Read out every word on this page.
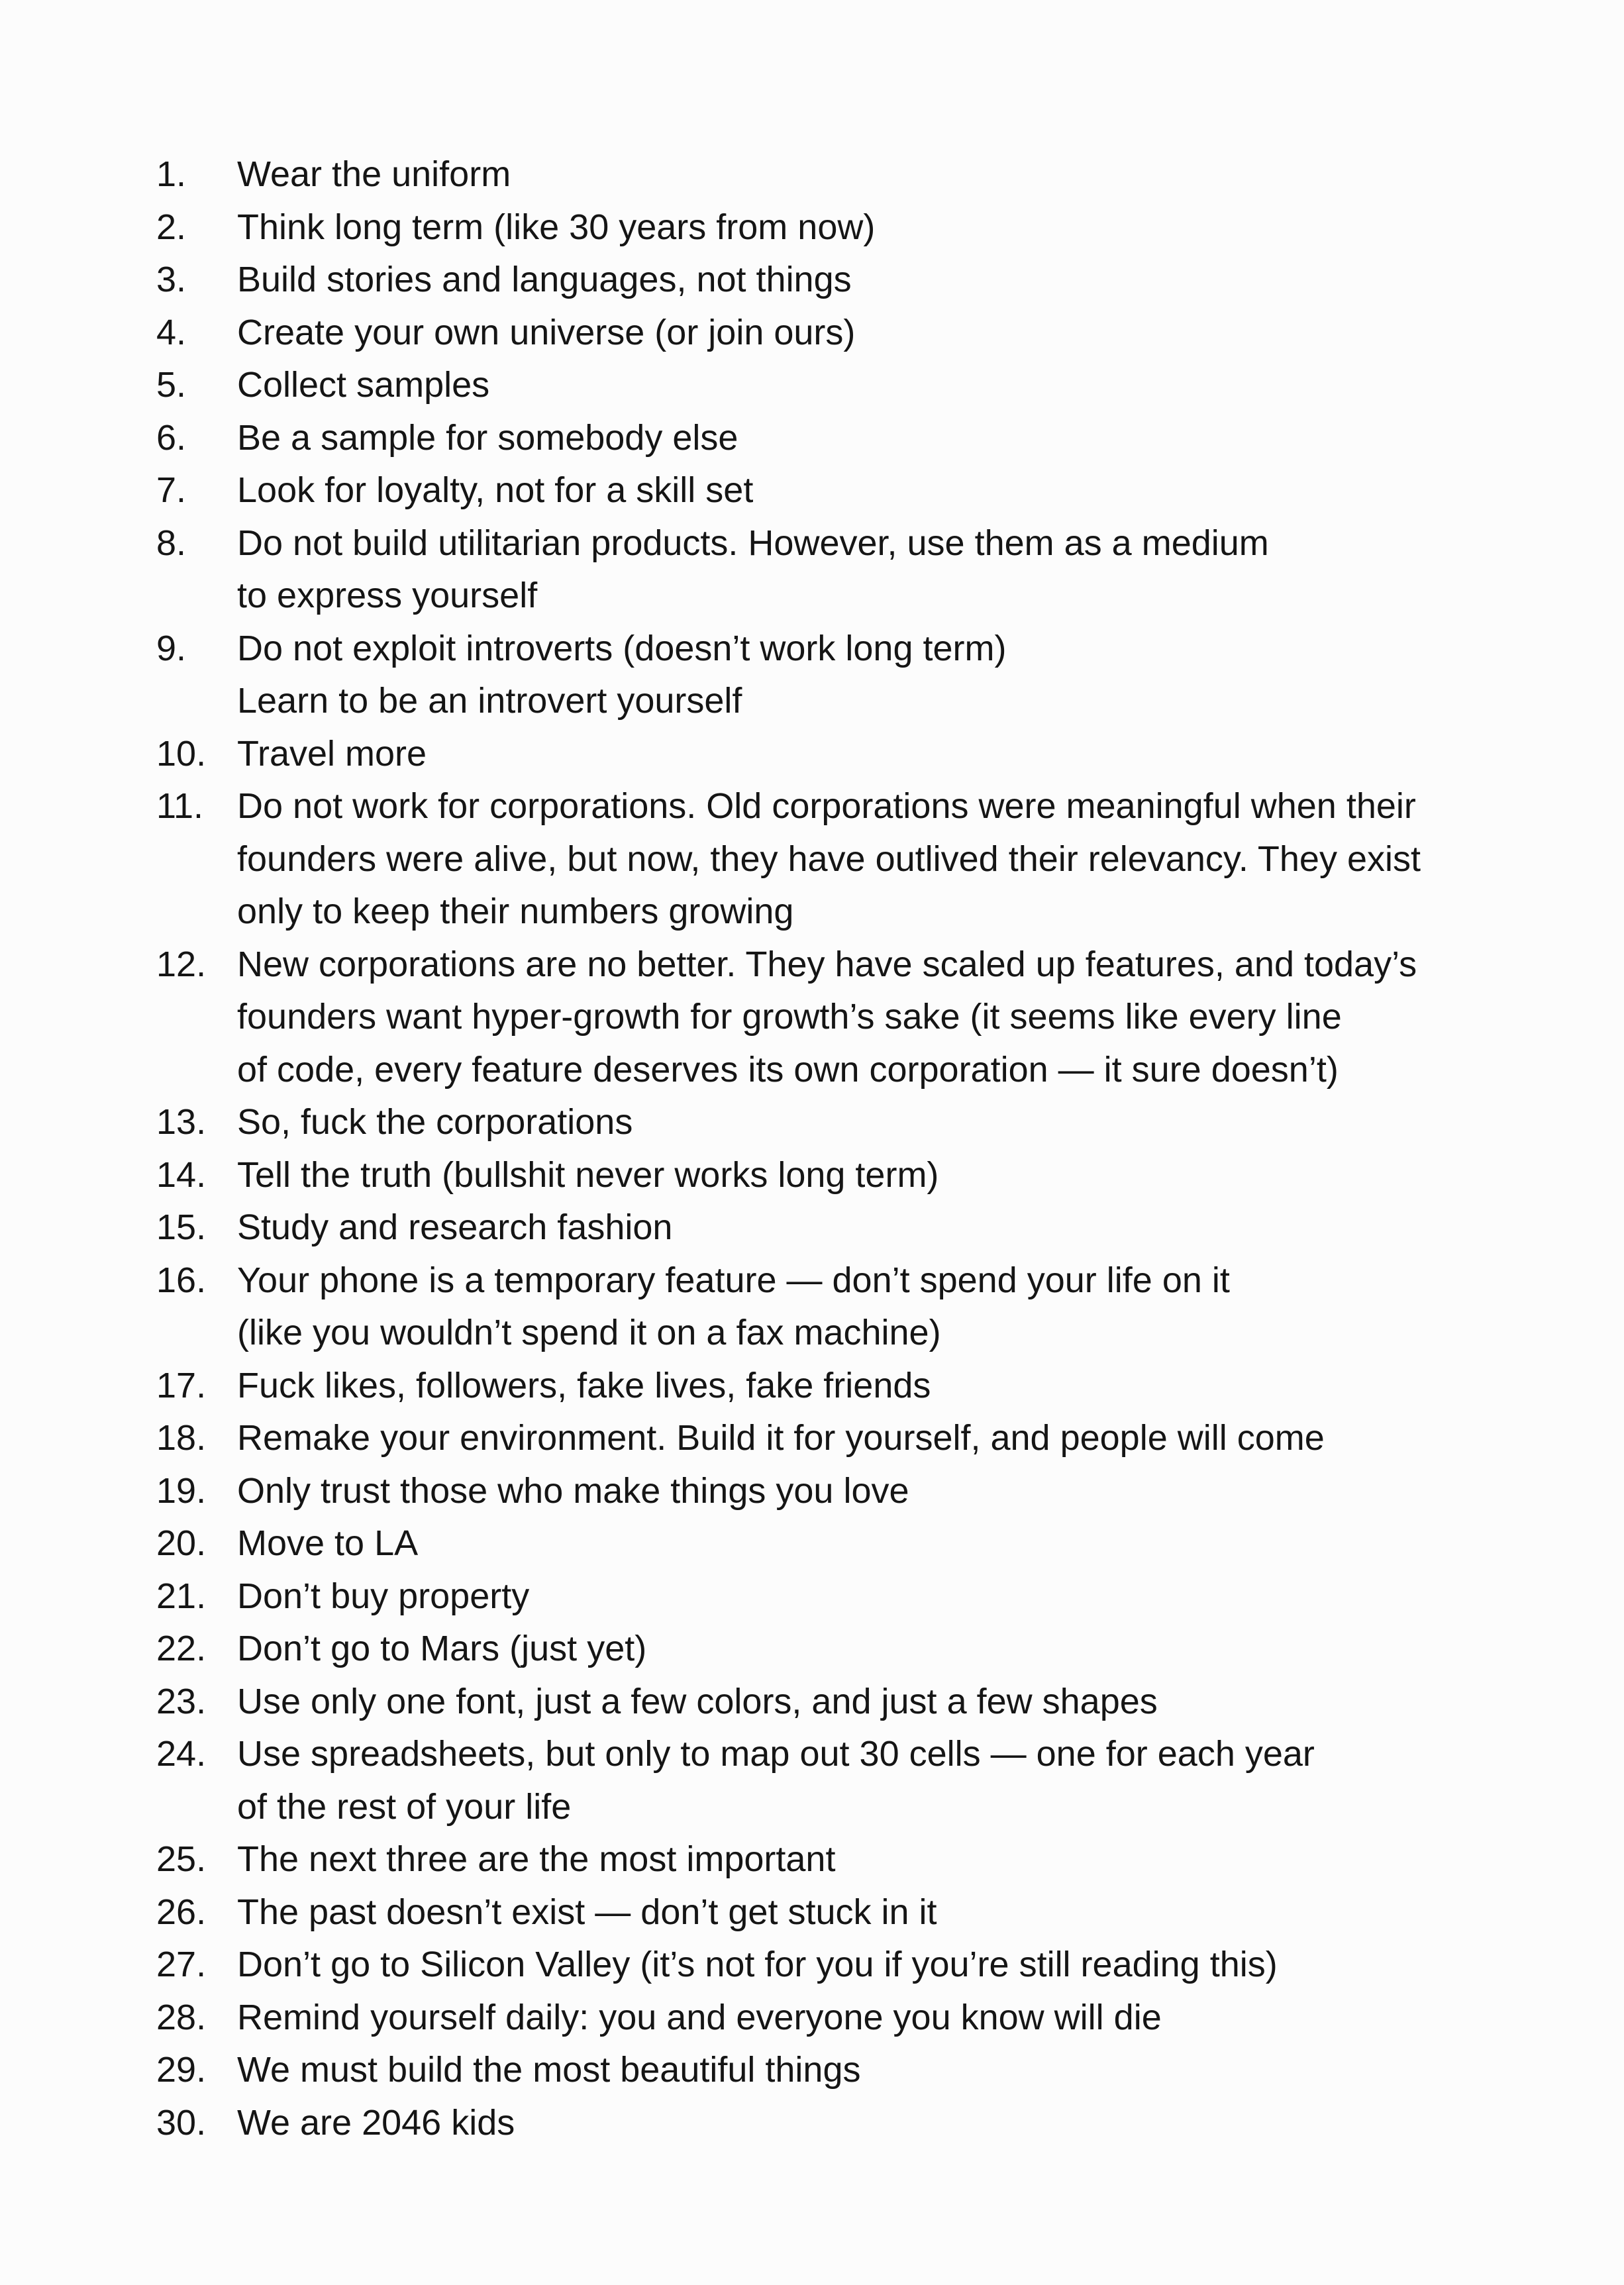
1.	Wear the uniform
2.	Think long term (like 30 years from now)
3.	Build stories and languages, not things
4.	Create your own universe (or join ours)
5.	Collect samples
6.	Be a sample for somebody else
7.	Look for loyalty, not for a skill set
8.	Do not build utilitarian products. However, use them as a medium
to express yourself
9.	Do not exploit introverts (doesn’t work long term)
Learn to be an introvert yourself
10. Travel more
11. Do not work for corporations. Old corporations were meaningful when their
founders were alive, but now, they have outlived their relevancy. They exist
only to keep their numbers growing
12. New corporations are no better. They have scaled up features, and today’s
founders want hyper-growth for growth’s sake (it seems like every line
of code, every feature deserves its own corporation — it sure doesn’t)
13. So, fuck the corporations
14. Tell the truth (bullshit never works long term)
15. Study and research fashion
16. Your phone is a temporary feature — don’t spend your life on it
(like you wouldn’t spend it on a fax machine)
17. Fuck likes, followers, fake lives, fake friends
18. Remake your environment. Build it for yourself, and people will come
19. Only trust those who make things you love
20. Move to LA
21. Don’t buy property
22. Don’t go to Mars (just yet)
23. Use only one font, just a few colors, and just a few shapes
24. Use spreadsheets, but only to map out 30 cells — one for each year
of the rest of your life
25. The next three are the most important
26. The past doesn’t exist — don’t get stuck in it
27. Don’t go to Silicon Valley (it’s not for you if you’re still reading this)
28. Remind yourself daily: you and everyone you know will die
29. We must build the most beautiful things
30. We are 2046 kids
